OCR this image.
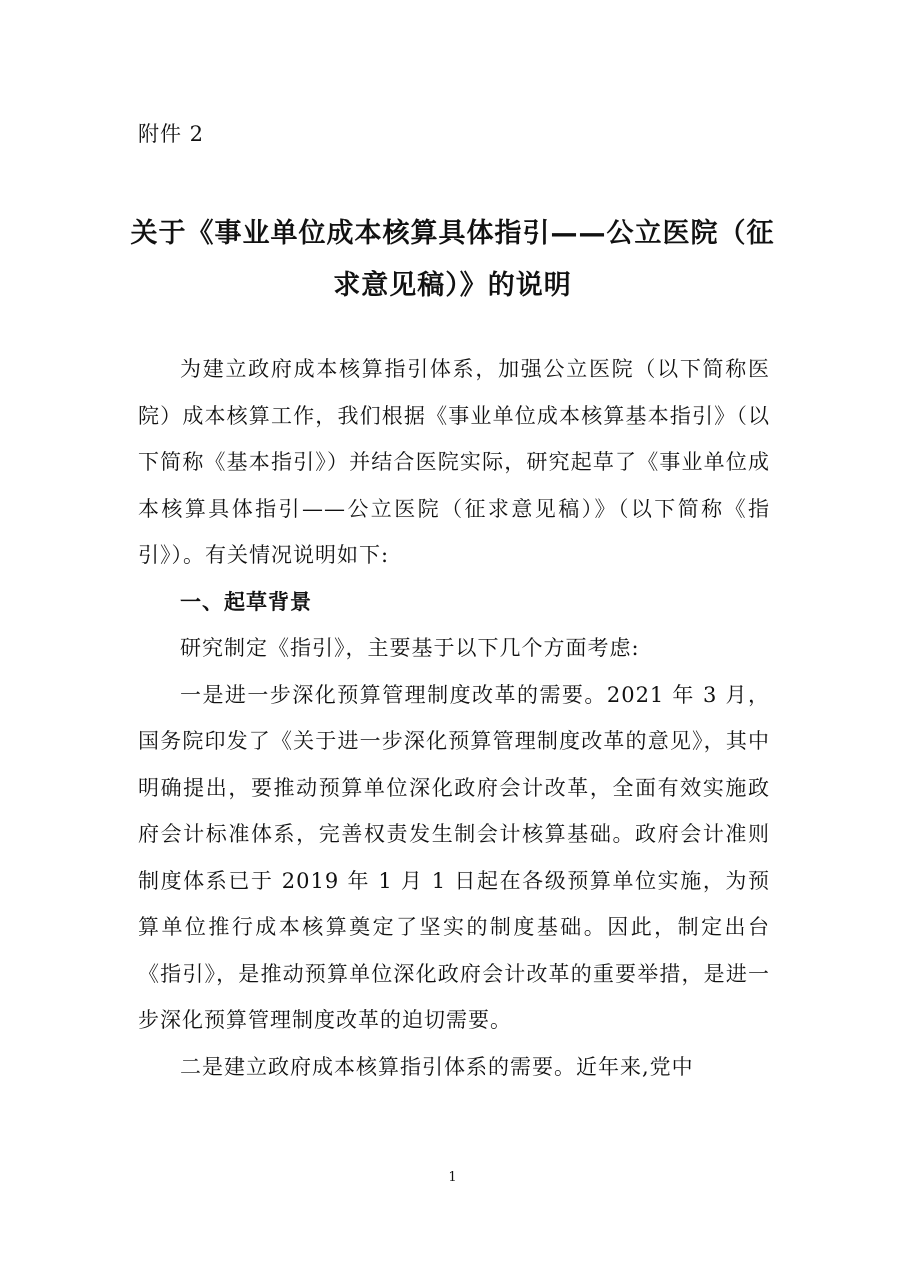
附件 2
关于《事业单位成本核算具体指引——公立医院（征
求意见稿）》的说明

为建立政府成本核算指引体系，加强公立医院（以下简称医院）成本核算工作，我们根据《事业单位成本核算基本指引》（以下简称《基本指引》）并结合医院实际，研究起草了《事业单位成本核算具体指引——公立医院（征求意见稿）》（以下简称《指引》）。有关情况说明如下:

一、起草背景

研究制定《指引》，主要基于以下几个方面考虑:

一是进一步深化预算管理制度改革的需要。2021 年 3 月，国务院印发了《关于进一步深化预算管理制度改革的意见》，其中明确提出，要推动预算单位深化政府会计改革，全面有效实施政府会计标准体系，完善权责发生制会计核算基础。政府会计准则制度体系已于 2019 年 1 月 1 日起在各级预算单位实施，为预算单位推行成本核算奠定了坚实的制度基础。因此，制定出台《指引》，是推动预算单位深化政府会计改革的重要举措，是进一步深化预算管理制度改革的迫切需要。

二是建立政府成本核算指引体系的需要。近年来,党中

1
